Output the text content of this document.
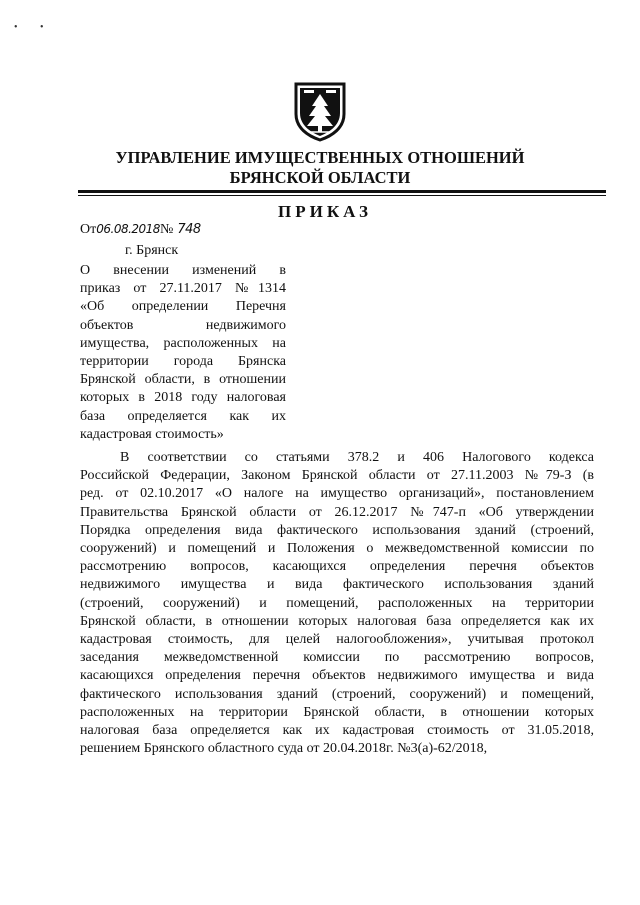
• •
УПРАВЛЕНИЕ ИМУЩЕСТВЕННЫХ ОТНОШЕНИЙ
БРЯНСКОЙ ОБЛАСТИ
ПРИКАЗ
От06.08.2018№ 748
г. Брянск
О внесении изменений в
приказ от 27.11.2017 №1314
«Об определении Перечня
объектов недвижимого
имущества, расположенных на
территории города Брянска
Брянской области, в отношении
которых в 2018 году налоговая
база определяется как их
кадастровая стоимость»
В соответствии со статьями 378.2 и 406 Налогового кодекса
Российской Федерации, Законом Брянской области от 27.11.2003 №79-З (в
ред. от 02.10.2017 «О налоге на имущество организаций», постановлением
Правительства Брянской области от 26.12.2017 №747-п «Об утверждении
Порядка определения вида фактического использования зданий (строений,
сооружений) и помещений и Положения о межведомственной комиссии по
рассмотрению вопросов, касающихся определения перечня объектов
недвижимого имущества и вида фактического использования зданий
(строений, сооружений) и помещений, расположенных на территории
Брянской области, в отношении которых налоговая база определяется как их
кадастровая стоимость, для целей налогообложения», учитывая протокол
заседания межведомственной комиссии по рассмотрению вопросов,
касающихся определения перечня объектов недвижимого имущества и вида
фактического использования зданий (строений, сооружений) и помещений,
расположенных на территории Брянской области, в отношении которых
налоговая база определяется как их кадастровая стоимость от 31.05.2018,
решением Брянского областного суда от 20.04.2018г. №3(а)-62/2018,
